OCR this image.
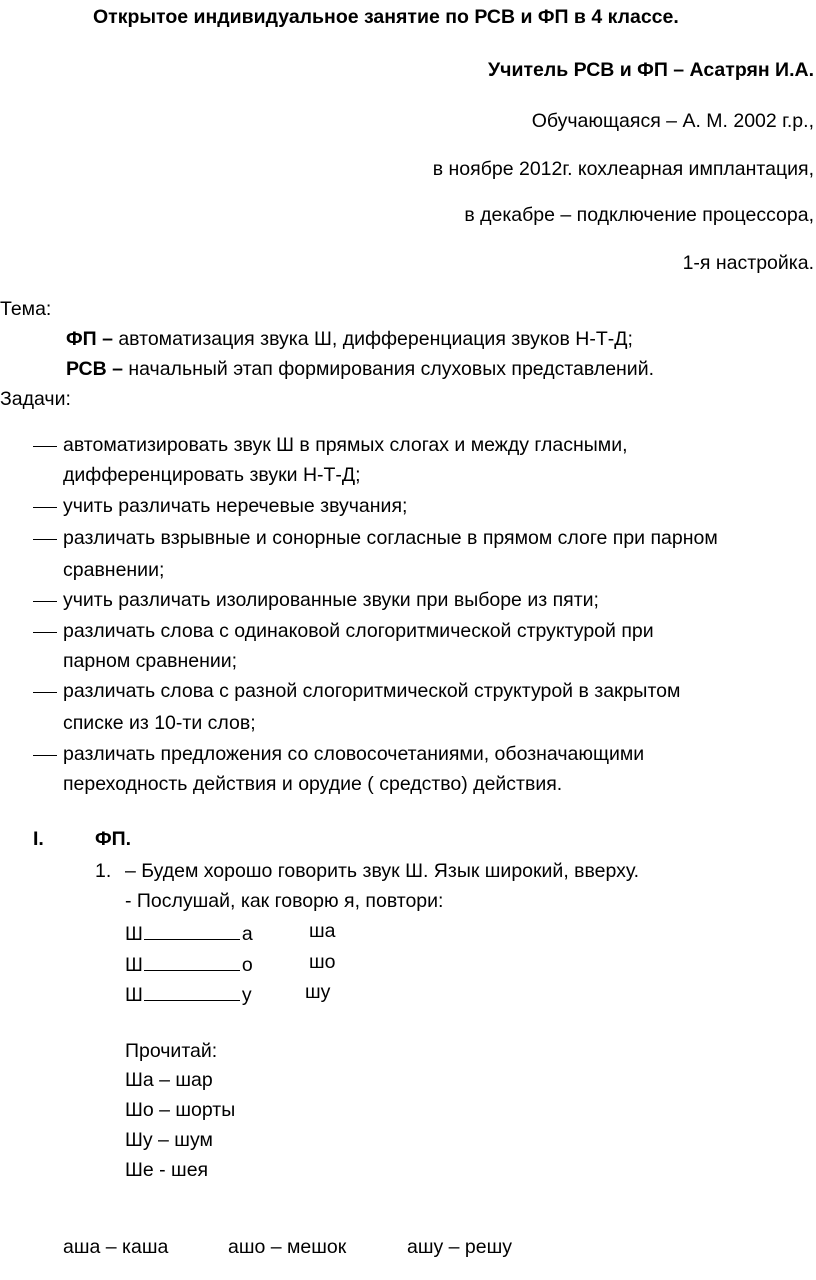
Открытое индивидуальное занятие по РСВ и ФП в 4 классе.
Учитель РСВ и ФП – Асатрян И.А.
Обучающаяся – А. М. 2002 г.р.,
в ноябре 2012г. кохлеарная имплантация,
в декабре – подключение процессора,
1-я настройка.
Тема:
ФП – автоматизация звука Ш, дифференциация звуков Н-Т-Д;
РСВ – начальный этап формирования слуховых представлений.
Задачи:
автоматизировать звук Ш в прямых слогах и между гласными,
дифференцировать звуки Н-Т-Д;
учить различать неречевые звучания;
различать взрывные и сонорные согласные в прямом слоге при парном
сравнении;
учить различать изолированные звуки при выборе из пяти;
различать слова с одинаковой слогоритмической структурой при
парном сравнении;
различать слова с разной слогоритмической структурой в закрытом
списке из 10-ти слов;
различать предложения со словосочетаниями, обозначающими
переходность действия и орудие ( средство) действия.
I.	ФП.
1. – Будем хорошо говорить звук Ш. Язык широкий, вверху.
- Послушай, как говорю я, повтори:
Ш	а	ша
Ш	о	шо
Ш	у	шу
Прочитай:
Ша – шар
Шо – шорты
Шу – шум
Ше - шея
аша – каша	ашо – мешок	ашу – решу
